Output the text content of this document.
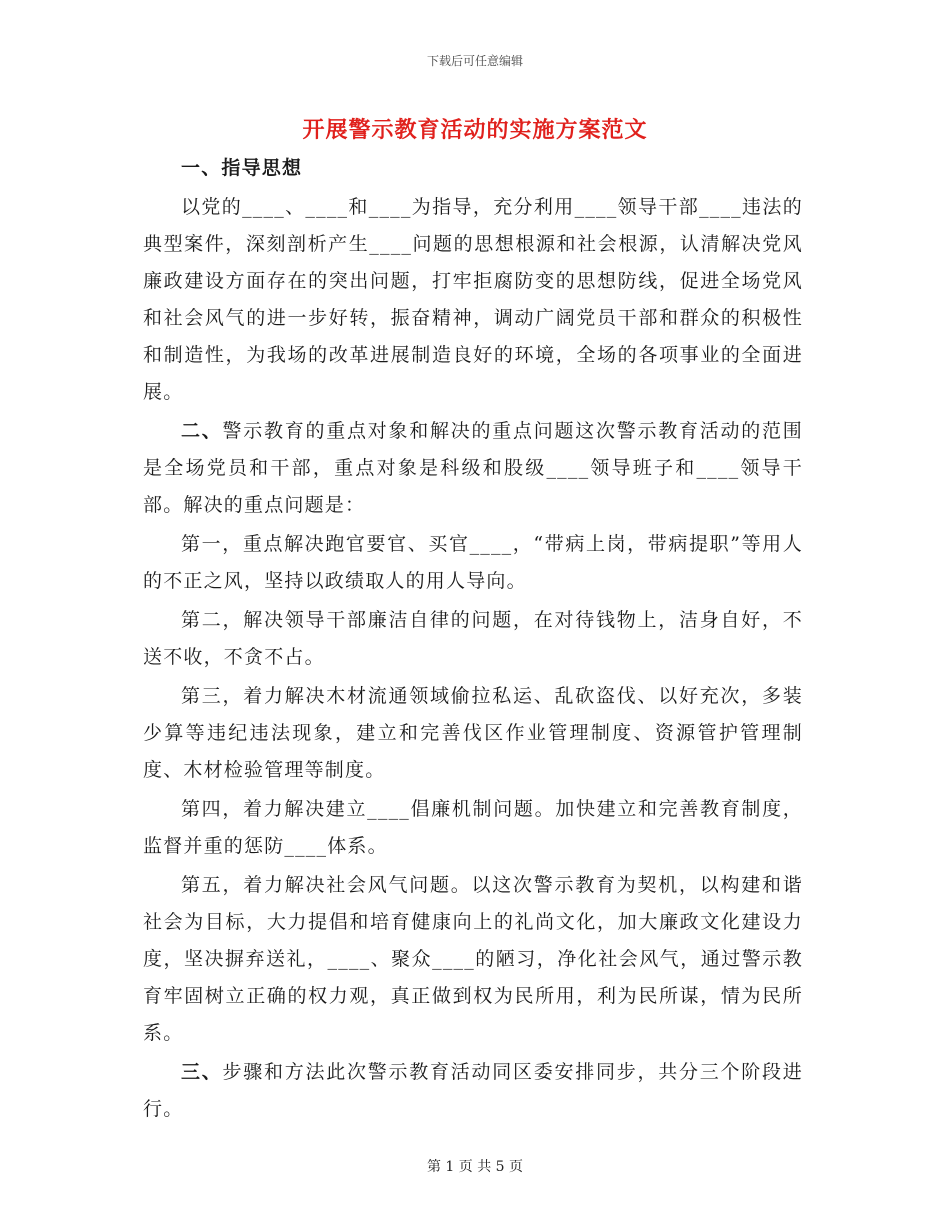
下载后可任意编辑
开展警示教育活动的实施方案范文

一、指导思想

以党的____、____和____为指导，充分利用____领导干部____违法的典型案件，深刻剖析产生____问题的思想根源和社会根源，认清解决党风廉政建设方面存在的突出问题，打牢拒腐防变的思想防线，促进全场党风和社会风气的进一步好转，振奋精神，调动广阔党员干部和群众的积极性和制造性，为我场的改革进展制造良好的环境，全场的各项事业的全面进展。

二、警示教育的重点对象和解决的重点问题这次警示教育活动的范围是全场党员和干部，重点对象是科级和股级____领导班子和____领导干部。解决的重点问题是：

第一，重点解决跑官要官、买官____，“带病上岗，带病提职”等用人的不正之风，坚持以政绩取人的用人导向。

第二，解决领导干部廉洁自律的问题，在对待钱物上，洁身自好，不送不收，不贪不占。

第三，着力解决木材流通领域偷拉私运、乱砍盗伐、以好充次，多装少算等违纪违法现象，建立和完善伐区作业管理制度、资源管护管理制度、木材检验管理等制度。

第四，着力解决建立____倡廉机制问题。加快建立和完善教育制度，监督并重的惩防____体系。

第五，着力解决社会风气问题。以这次警示教育为契机，以构建和谐社会为目标，大力提倡和培育健康向上的礼尚文化，加大廉政文化建设力度，坚决摒弃送礼，____、聚众____的陋习，净化社会风气，通过警示教育牢固树立正确的权力观，真正做到权为民所用，利为民所谋，情为民所系。

三、步骤和方法此次警示教育活动同区委安排同步，共分三个阶段进行。

第 1 页 共 5 页
